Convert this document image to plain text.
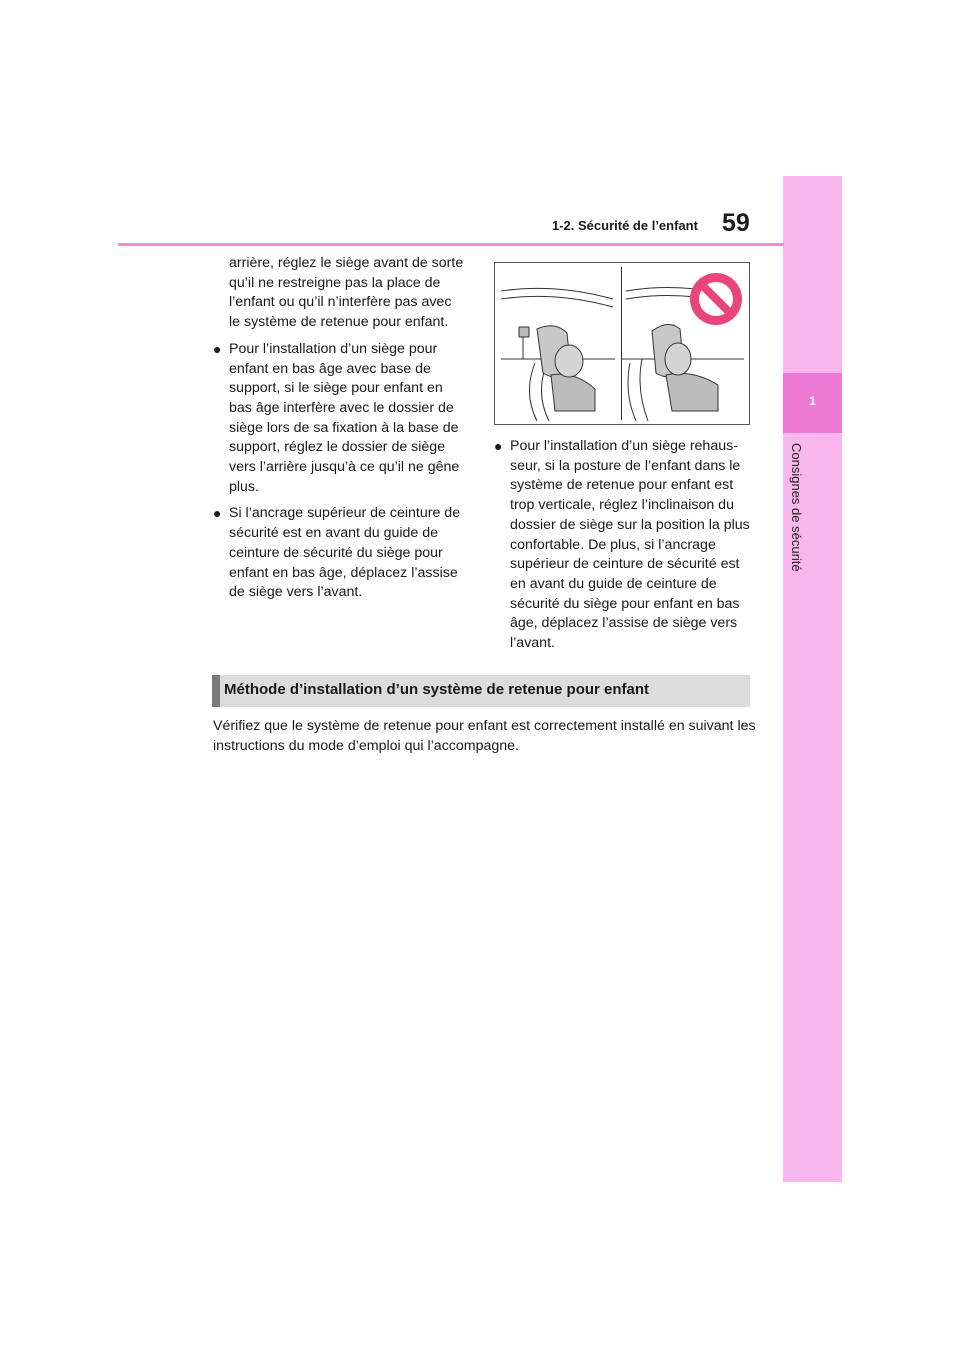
1
Consignes de sécurité
1-2. Sécurité de l’enfant 59

arrière, réglez le siège avant de sorte qu’il ne restreigne pas la place de l’enfant ou qu’il n’interfère pas avec le système de retenue pour enfant.

● Pour l’installation d’un siège pour enfant en bas âge avec base de support, si le siège pour enfant en bas âge interfère avec le dossier de siège lors de sa fixation à la base de support, réglez le dossier de siège vers l’arrière jusqu’à ce qu’il ne gêne plus.

● Si l’ancrage supérieur de ceinture de sécurité est en avant du guide de ceinture de sécurité du siège pour enfant en bas âge, déplacez l’assise de siège vers l’avant.

● Pour l’installation d’un siège rehaus-seur, si la posture de l’enfant dans le système de retenue pour enfant est trop verticale, réglez l’inclinaison du dossier de siège sur la position la plus confortable. De plus, si l’ancrage supérieur de ceinture de sécurité est en avant du guide de ceinture de sécurité du siège pour enfant en bas âge, déplacez l’assise de siège vers l’avant.

Méthode d’installation d’un système de retenue pour enfant

Vérifiez que le système de retenue pour enfant est correctement installé en suivant les instructions du mode d’emploi qui l’accompagne.
